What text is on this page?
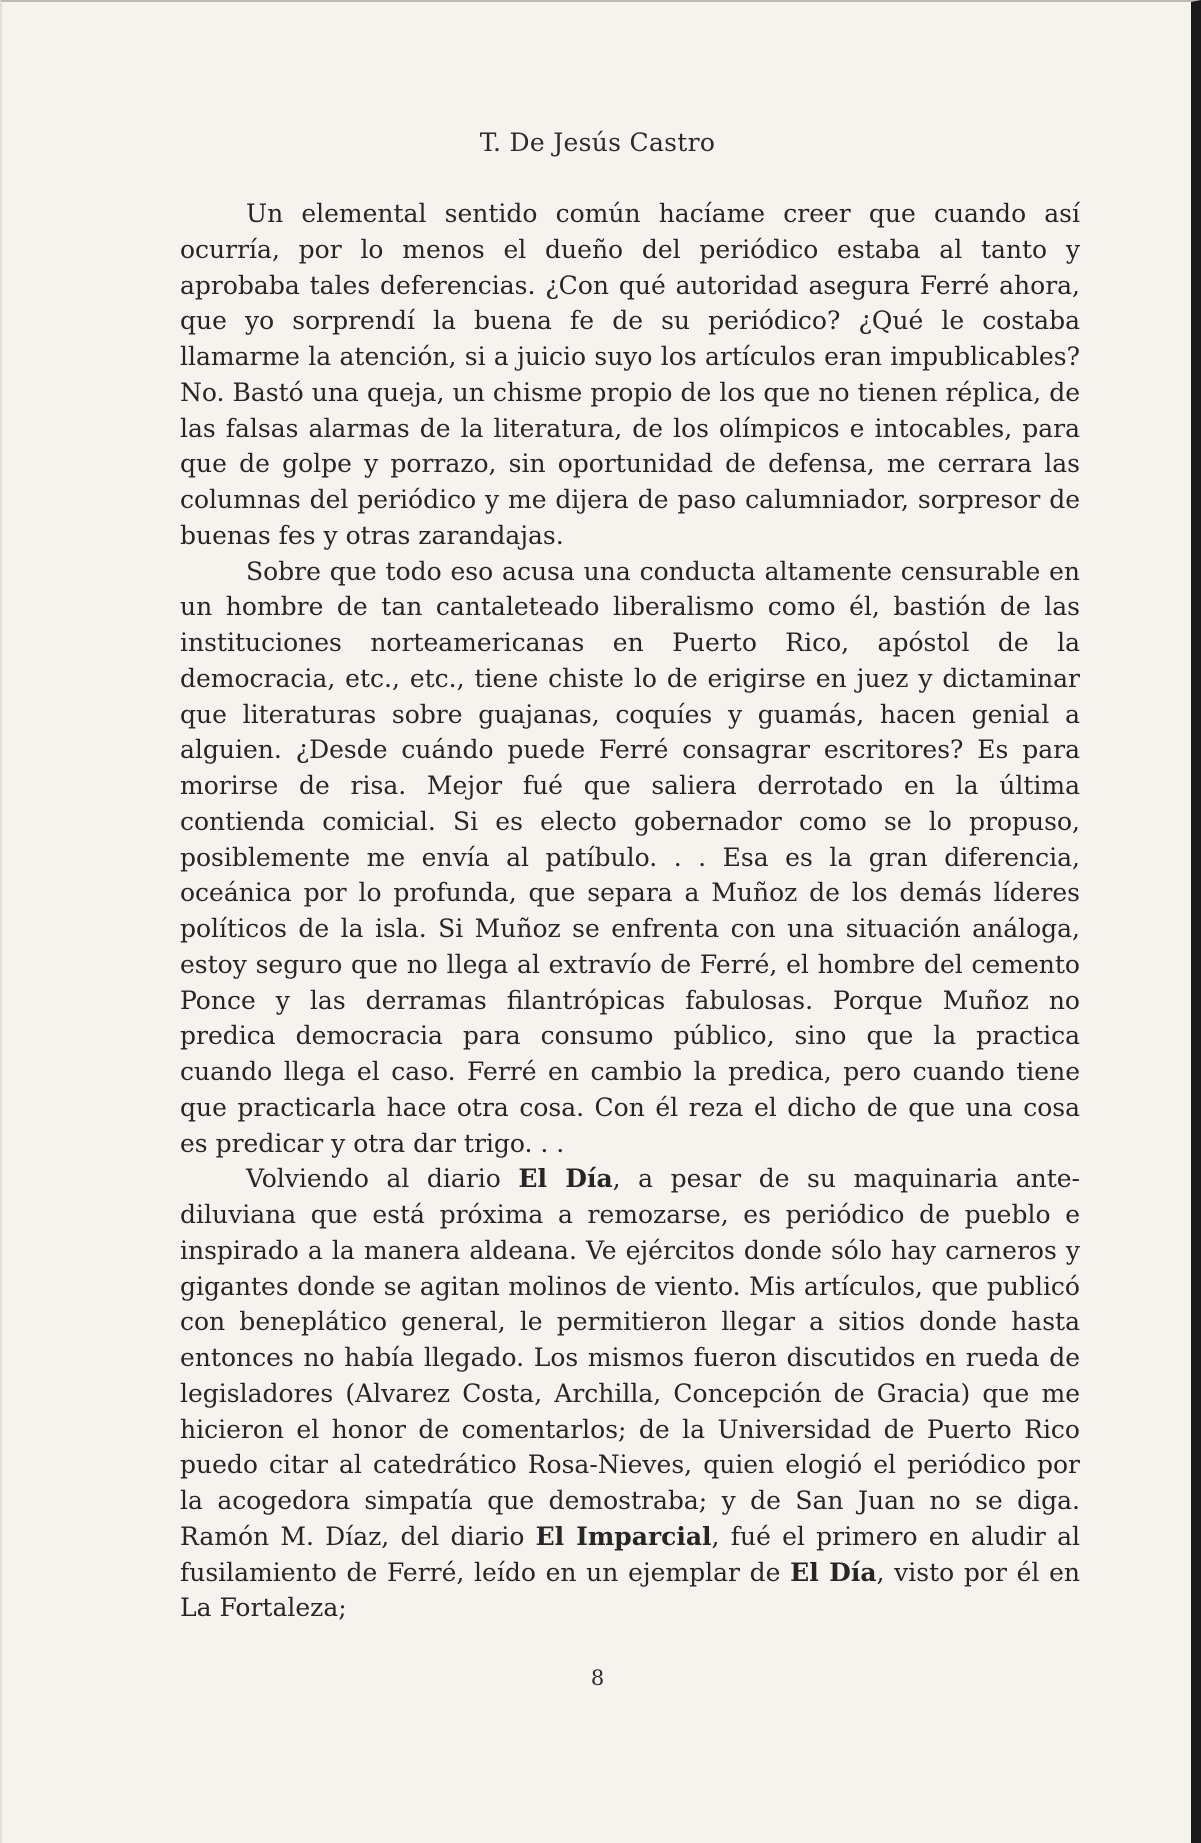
T. De Jesús Castro

Un elemental sentido común hacíame creer que cuando así ocurría, por lo menos el dueño del periódico estaba al tanto y aprobaba tales deferencias. ¿Con qué autoridad asegura Ferré ahora, que yo sorprendí la buena fe de su periódico? ¿Qué le costaba llamarme la atención, si a juicio suyo los artículos eran impublicables? No. Bastó una queja, un chisme propio de los que no tienen réplica, de las falsas alarmas de la literatura, de los olímpicos e intocables, para que de golpe y porrazo, sin oportunidad de defensa, me cerrara las columnas del periódico y me dijera de paso calumniador, sorpresor de buenas fes y otras zarandajas.

Sobre que todo eso acusa una conducta altamente censurable en un hombre de tan cantaleteado liberalismo como él, bastión de las instituciones norteamericanas en Puerto Rico, apóstol de la democracia, etc., etc., tiene chiste lo de erigirse en juez y dictaminar que literaturas sobre guajanas, coquíes y guamás, hacen genial a alguien. ¿Desde cuándo puede Ferré consagrar escritores? Es para morirse de risa. Mejor fué que saliera derrotado en la última contienda comicial. Si es electo gobernador como se lo propuso, posiblemente me envía al patíbulo. . . Esa es la gran diferencia, oceánica por lo profunda, que separa a Muñoz de los demás líderes políticos de la isla. Si Muñoz se enfrenta con una situación análoga, estoy seguro que no llega al extravío de Ferré, el hombre del cemento Ponce y las derramas filantrópicas fabulosas. Porque Muñoz no predica democracia para consumo público, sino que la practica cuando llega el caso. Ferré en cambio la predica, pero cuando tiene que practicarla hace otra cosa. Con él reza el dicho de que una cosa es predicar y otra dar trigo. . .

Volviendo al diario El Día, a pesar de su maquinaria antediluviana que está próxima a remozarse, es periódico de pueblo e inspirado a la manera aldeana. Ve ejércitos donde sólo hay carneros y gigantes donde se agitan molinos de viento. Mis artículos, que publicó con beneplático general, le permitieron llegar a sitios donde hasta entonces no había llegado. Los mismos fueron discutidos en rueda de legisladores (Alvarez Costa, Archilla, Concepción de Gracia) que me hicieron el honor de comentarlos; de la Universidad de Puerto Rico puedo citar al catedrático Rosa-Nieves, quien elogió el periódico por la acogedora simpatía que demostraba; y de San Juan no se diga. Ramón M. Díaz, del diario El Imparcial, fué el primero en aludir al fusilamiento de Ferré, leído en un ejemplar de El Día, visto por él en La Fortaleza;

8
